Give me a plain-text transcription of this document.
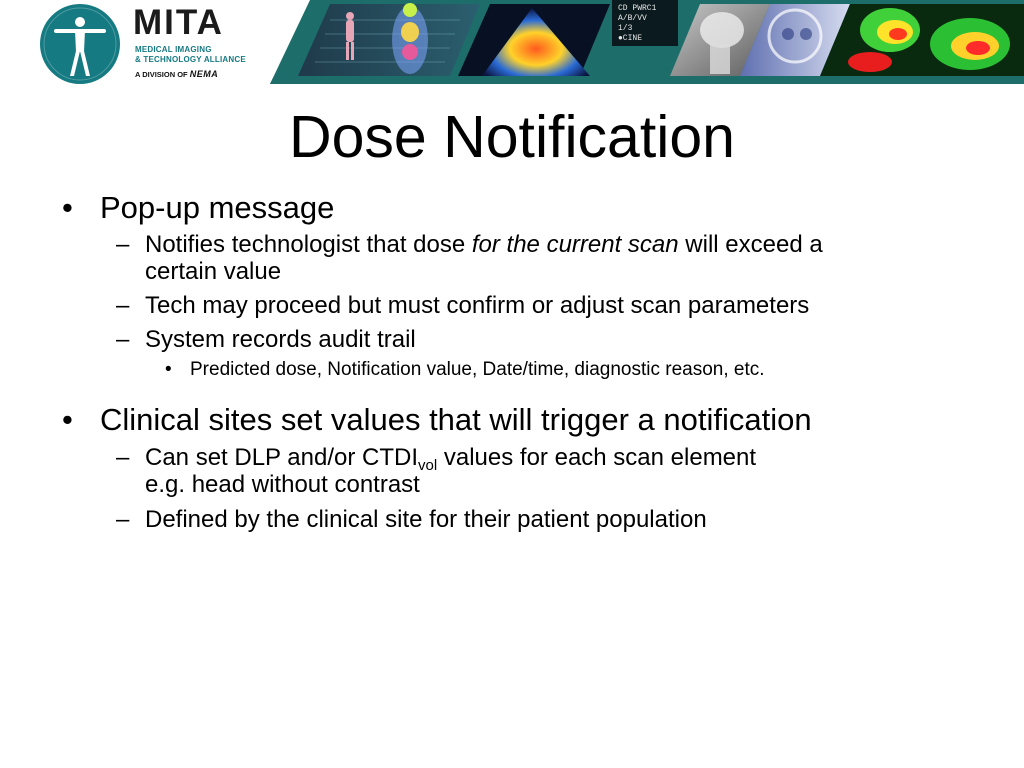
MITA
MEDICAL IMAGING
& TECHNOLOGY ALLIANCE
A DIVISION OF NEMA
CD PWRC1
A/B/VV
1/3
●CINE
Dose Notification
• Pop-up message
– Notifies technologist that dose for the current scan will exceed a
certain value
– Tech may proceed but must confirm or adjust scan parameters
– System records audit trail
• Predicted dose, Notification value, Date/time, diagnostic reason, etc.
• Clinical sites set values that will trigger a notification
– Can set DLP and/or $CTDI_{vol}$ values for each scan element
e.g. head without contrast
– Defined by the clinical site for their patient population
